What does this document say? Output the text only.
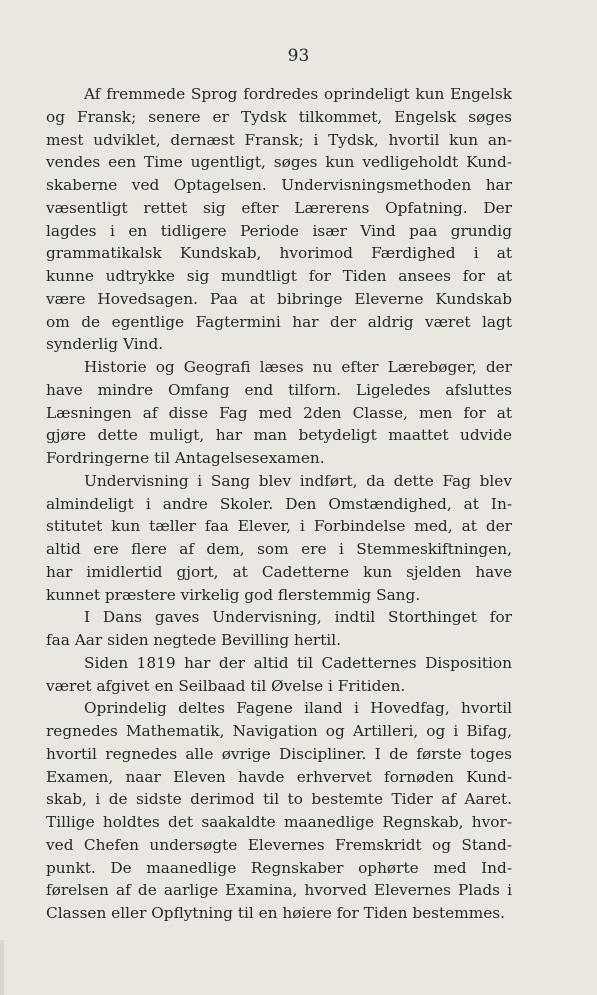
93
Af fremmede Sprog fordredes oprindeligt kun Engelsk
og Fransk; senere er Tydsk tilkommet, Engelsk søges
mest udviklet, dernæst Fransk; i Tydsk, hvortil kun an-
vendes een Time ugentligt, søges kun vedligeholdt Kund-
skaberne ved Optagelsen. Undervisningsmethoden har
væsentligt rettet sig efter Lærerens Opfatning. Der
lagdes i en tidligere Periode især Vind paa grundig
grammatikalsk Kundskab, hvorimod Færdighed i at
kunne udtrykke sig mundtligt for Tiden ansees for at
være Hovedsagen. Paa at bibringe Eleverne Kundskab
om de egentlige Fagtermini har der aldrig været lagt
synderlig Vind.
Historie og Geografi læses nu efter Lærebøger, der
have mindre Omfang end tilforn. Ligeledes afsluttes
Læsningen af disse Fag med 2den Classe, men for at
gjøre dette muligt, har man betydeligt maattet udvide
Fordringerne til Antagelsesexamen.
Undervisning i Sang blev indført, da dette Fag blev
almindeligt i andre Skoler. Den Omstændighed, at In-
stitutet kun tæller faa Elever, i Forbindelse med, at der
altid ere flere af dem, som ere i Stemmeskiftningen,
har imidlertid gjort, at Cadetterne kun sjelden have
kunnet præstere virkelig god flerstemmig Sang.
I Dans gaves Undervisning, indtil Storthinget for
faa Aar siden negtede Bevilling hertil.
Siden 1819 har der altid til Cadetternes Disposition
været afgivet en Seilbaad til Øvelse i Fritiden.
Oprindelig deltes Fagene iland i Hovedfag, hvortil
regnedes Mathematik, Navigation og Artilleri, og i Bifag,
hvortil regnedes alle øvrige Discipliner. I de første toges
Examen, naar Eleven havde erhvervet fornøden Kund-
skab, i de sidste derimod til to bestemte Tider af Aaret.
Tillige holdtes det saakaldte maanedlige Regnskab, hvor-
ved Chefen undersøgte Elevernes Fremskridt og Stand-
punkt. De maanedlige Regnskaber ophørte med Ind-
førelsen af de aarlige Examina, hvorved Elevernes Plads i
Classen eller Opflytning til en høiere for Tiden bestemmes.
